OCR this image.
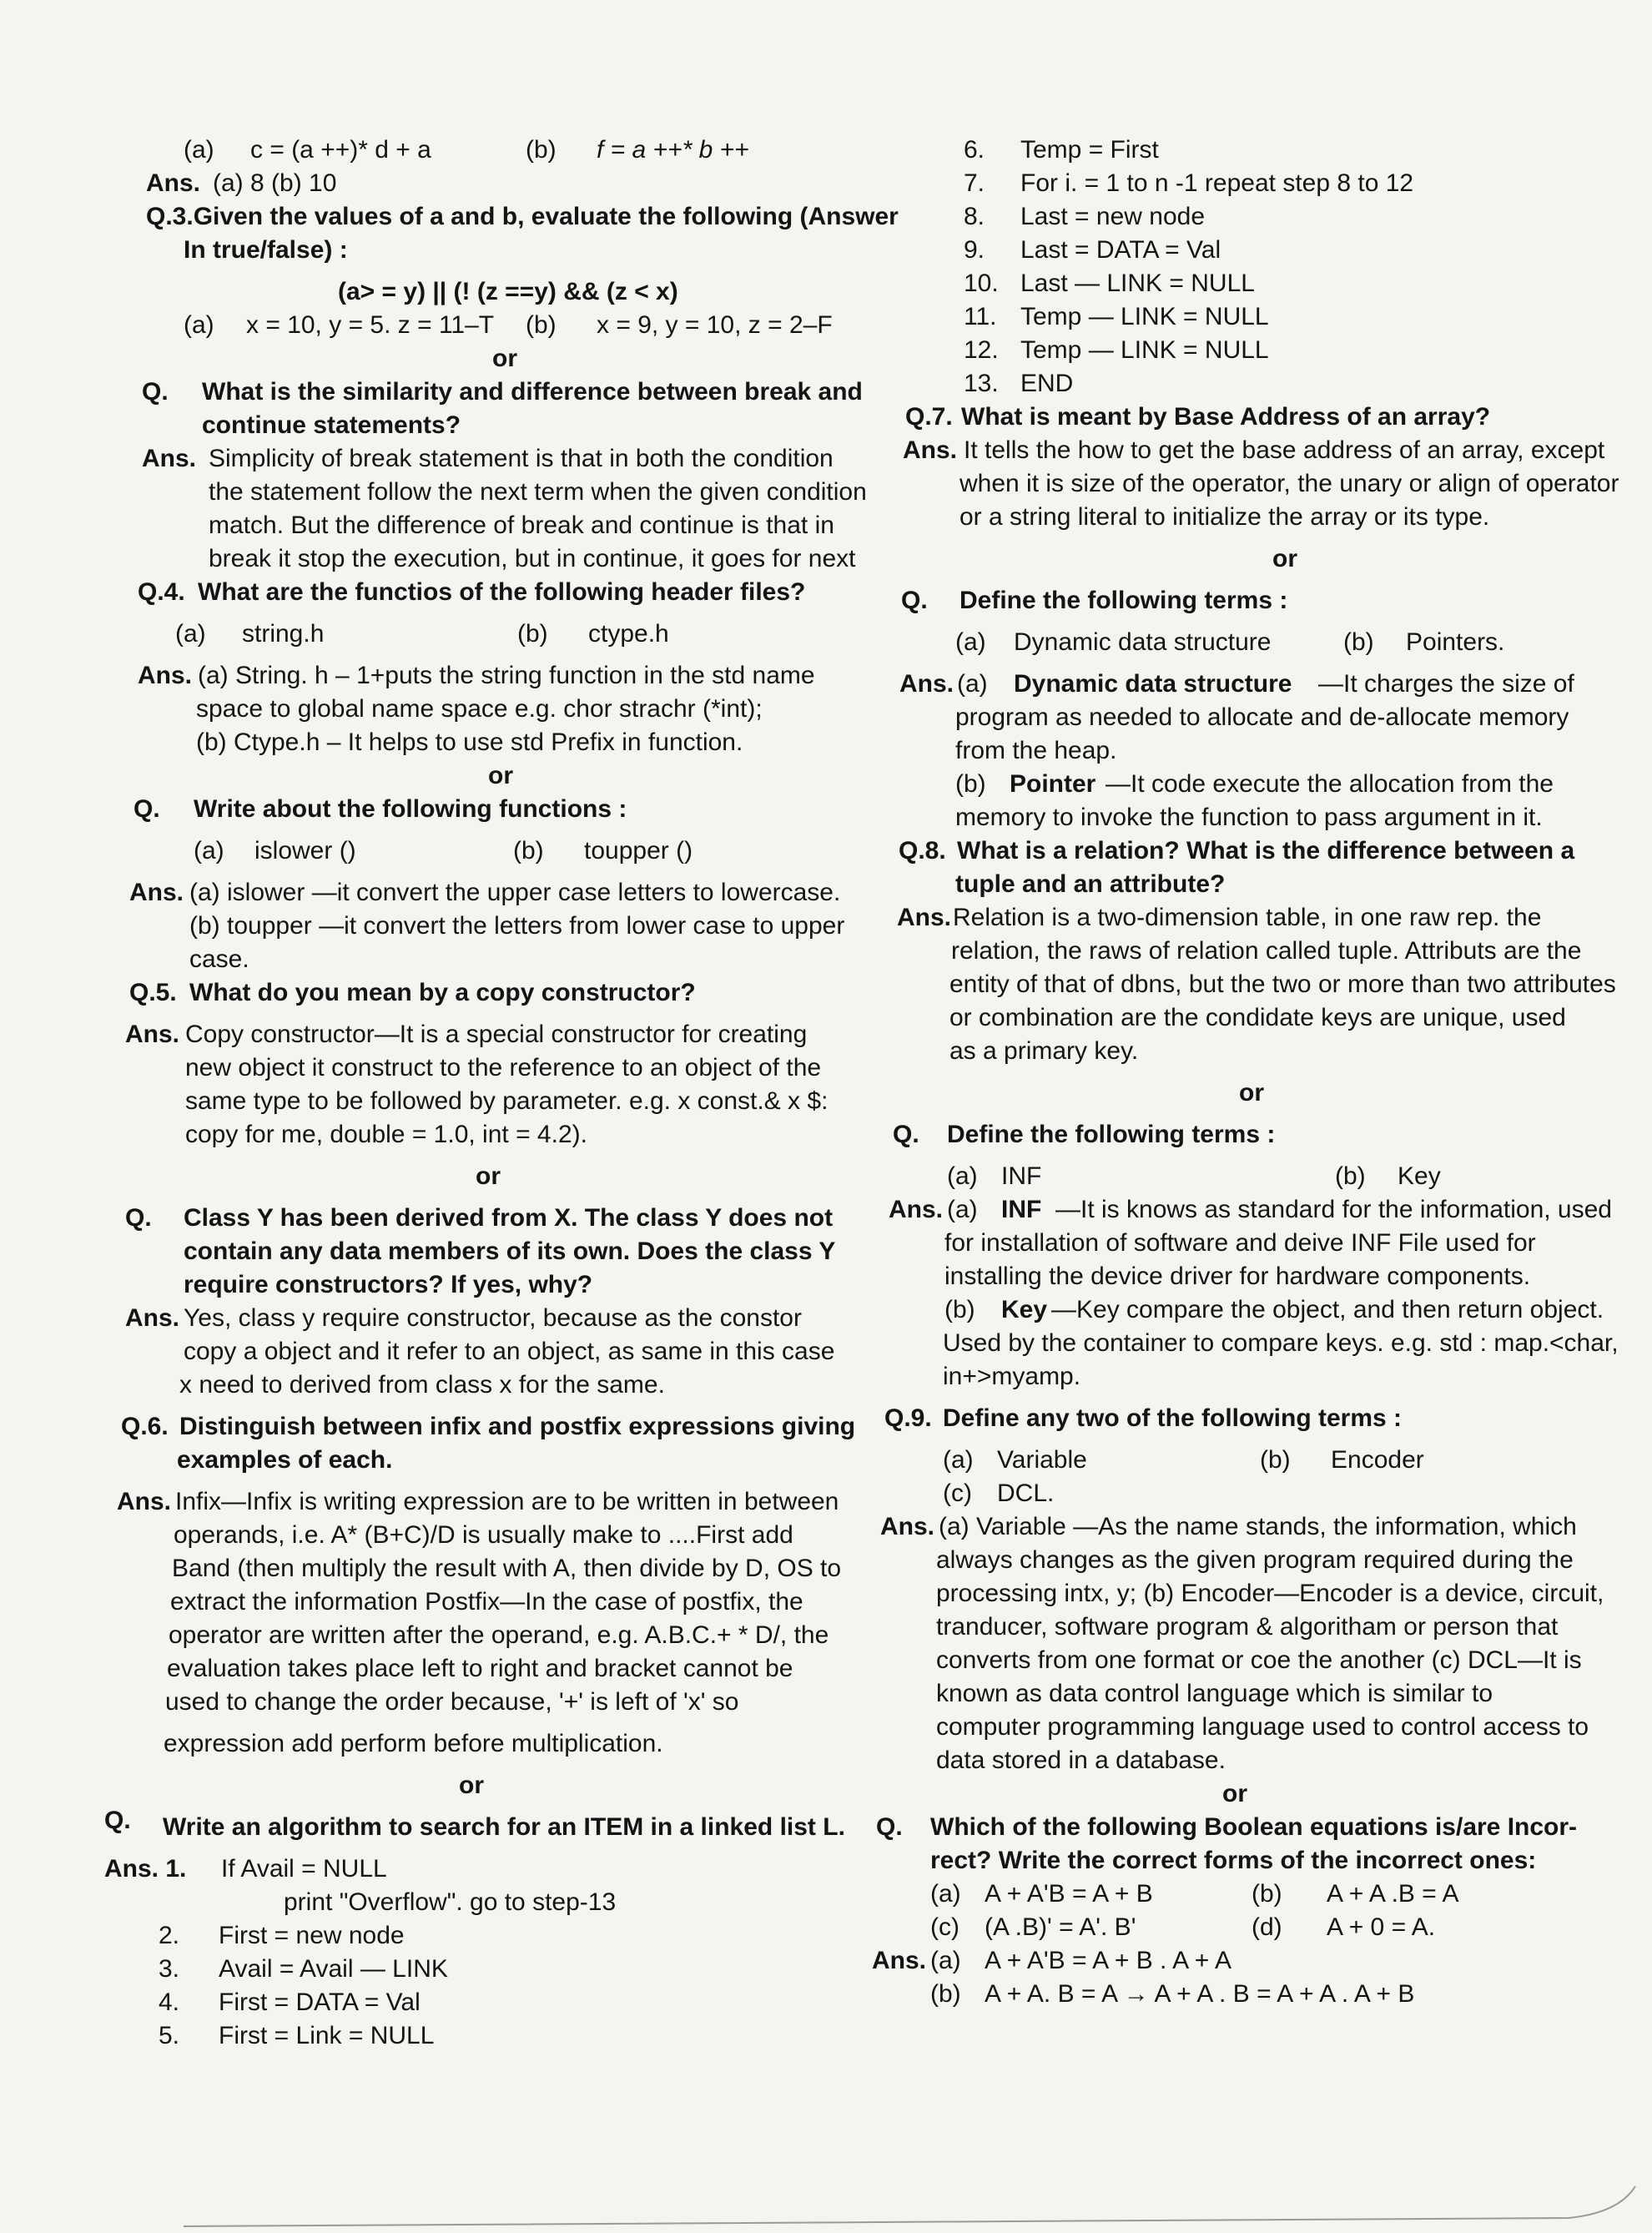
(a) c = (a ++)* d + a	(b) f = a ++* b ++
Ans. (a) 8 (b) 10
Q.3.Given the values of a and b, evaluate the following (Answer
In true/false) :
(a> = y) || (! (z ==y) && (z < x)
(a) x = 10, y = 5. z = 11–T (b) x = 9, y = 10, z = 2–F
or
Q. What is the similarity and difference between break and
continue statements?
Ans. Simplicity of break statement is that in both the condition
the statement follow the next term when the given condition
match. But the difference of break and continue is that in
break it stop the execution, but in continue, it goes for next
Q.4. What are the functios of the following header files?
(a) string.h	(b) ctype.h
Ans. (a) String. h – 1+puts the string function in the std name
space to global name space e.g. chor strachr (*int);
(b) Ctype.h – It helps to use std Prefix in function.
or
Q. Write about the following functions :
(a) islower ()	(b) toupper ()
Ans. (a) islower —it convert the upper case letters to lowercase.
(b) toupper —it convert the letters from lower case to upper
case.
Q.5. What do you mean by a copy constructor?
Ans. Copy constructor—It is a special constructor for creating
new object it construct to the reference to an object of the
same type to be followed by parameter. e.g. x const.& x $:
copy for me, double = 1.0, int = 4.2).
or
Q. Class Y has been derived from X. The class Y does not
contain any data members of its own. Does the class Y
require constructors? If yes, why?
Ans. Yes, class y require constructor, because as the constor
copy a object and it refer to an object, as same in this case
x need to derived from class x for the same.
Q.6. Distinguish between infix and postfix expressions giving
examples of each.
Ans. Infix—Infix is writing expression are to be written in between
operands, i.e. A* (B+C)/D is usually make to ....First add
Band (then multiply the result with A, then divide by D, OS to
extract the information Postfix—In the case of postfix, the
operator are written after the operand, e.g. A.B.C.+ * D/, the
evaluation takes place left to right and bracket cannot be
used to change the order because, '+' is left of 'x' so
expression add perform before multiplication.
or
Q. Write an algorithm to search for an ITEM in a linked list L.
Ans. 1. If Avail = NULL
print "Overflow". go to step-13
2. First = new node
3. Avail = Avail — LINK
4. First = DATA = Val
5. First = Link = NULL
6. Temp = First
7. For i. = 1 to n -1 repeat step 8 to 12
8. Last = new node
9. Last = DATA = Val
10. Last — LINK = NULL
11. Temp — LINK = NULL
12. Temp — LINK = NULL
13. END
Q.7. What is meant by Base Address of an array?
Ans. It tells the how to get the base address of an array, except
when it is size of the operator, the unary or align of operator
or a string literal to initialize the array or its type.
or
Q. Define the following terms :
(a) Dynamic data structure	(b) Pointers.
Ans. (a) Dynamic data structure —It charges the size of
program as needed to allocate and de-allocate memory
from the heap.
(b) Pointer —It code execute the allocation from the
memory to invoke the function to pass argument in it.
Q.8. What is a relation? What is the difference between a
tuple and an attribute?
Ans. Relation is a two-dimension table, in one raw rep. the
relation, the raws of relation called tuple. Attributs are the
entity of that of dbns, but the two or more than two attributes
or combination are the condidate keys are unique, used
as a primary key.
or
Q. Define the following terms :
(a) INF	(b) Key
Ans. (a) INF —It is knows as standard for the information, used
for installation of software and deive INF File used for
installing the device driver for hardware components.
(b) Key —Key compare the object, and then return object.
Used by the container to compare keys. e.g. std : map.<char,
in+>myamp.
Q.9. Define any two of the following terms :
(a) Variable	(b) Encoder
(c) DCL.
Ans. (a) Variable —As the name stands, the information, which
always changes as the given program required during the
processing intx, y; (b) Encoder—Encoder is a device, circuit,
tranducer, software program & algoritham or person that
converts from one format or coe the another (c) DCL—It is
known as data control language which is similar to
computer programming language used to control access to
data stored in a database.
or
Q. Which of the following Boolean equations is/are Incor-
rect? Write the correct forms of the incorrect ones:
(a) A + A'B = A + B	(b) A + A .B = A
(c) (A .B)' = A'. B'	(d) A + 0 = A.
Ans. (a) A + A'B = A + B . A + A
(b) A + A. B = A → A + A . B = A + A . A + B
